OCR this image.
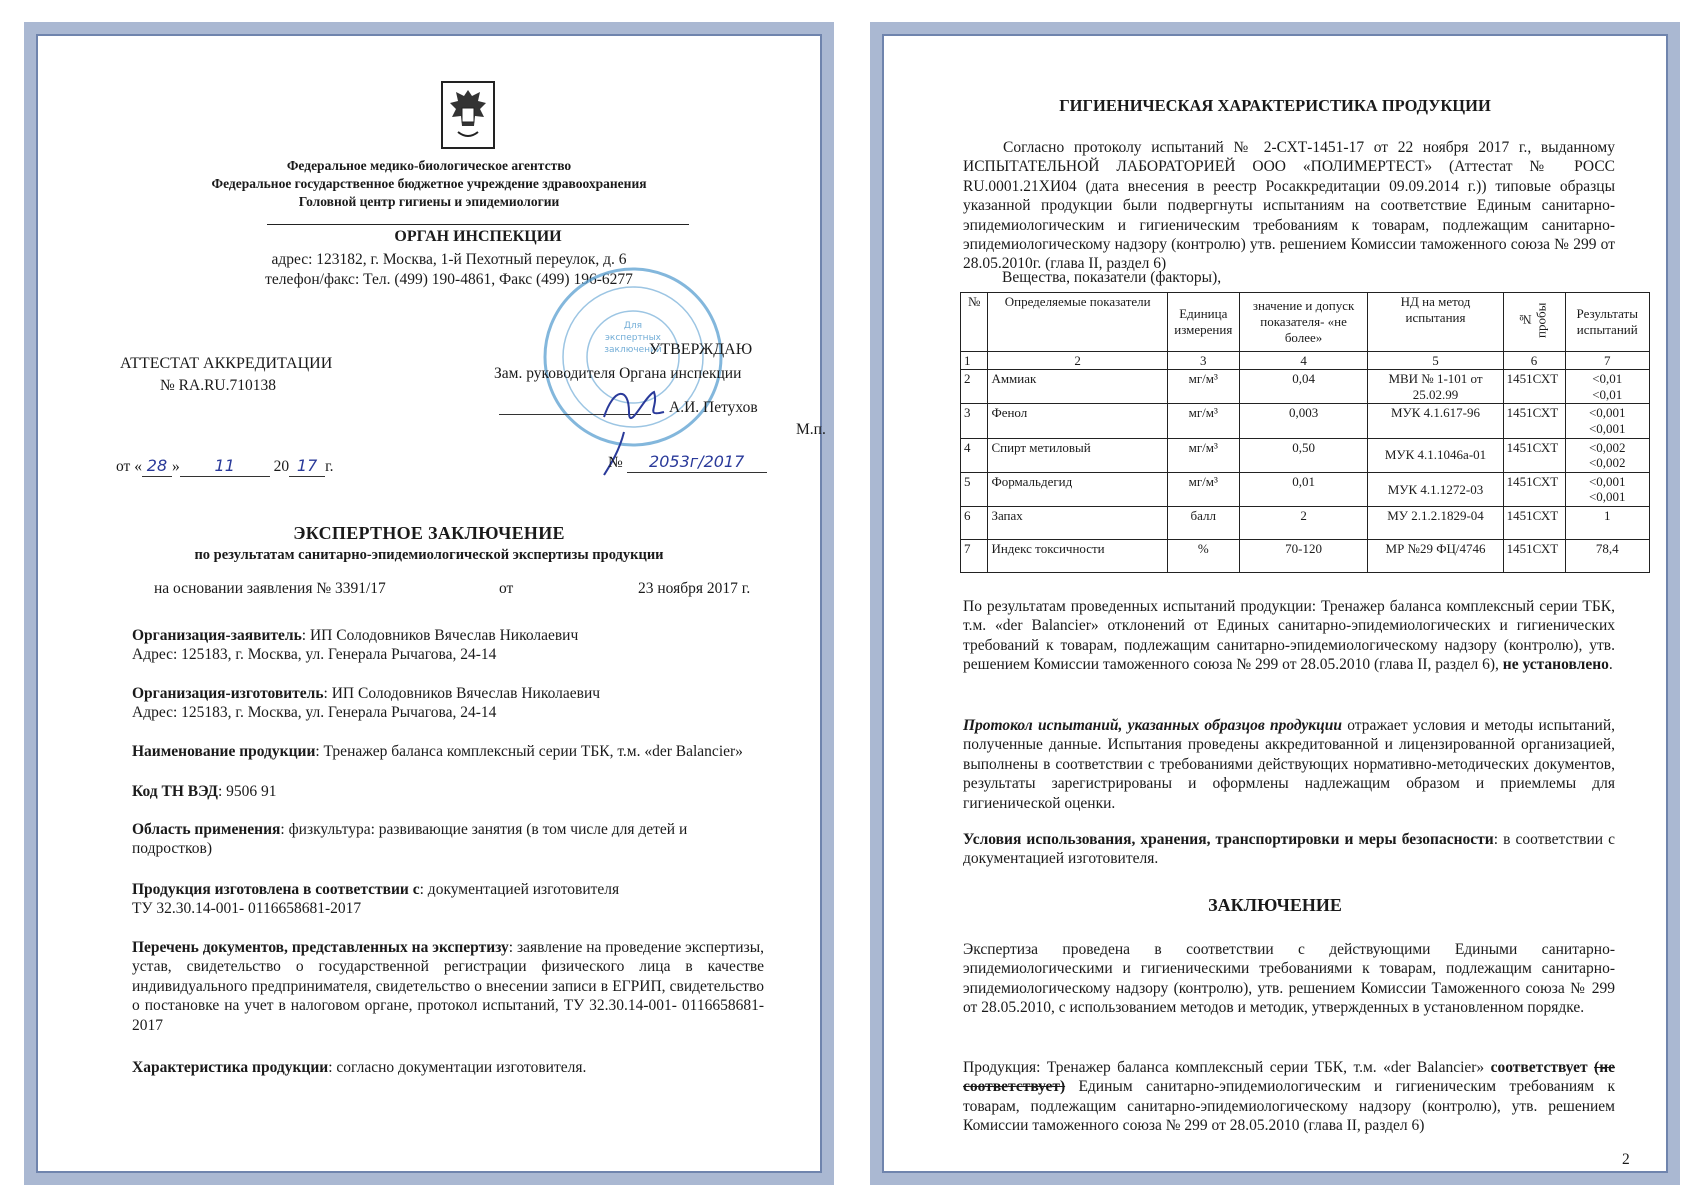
Федеральное медико-биологическое агентство
Федеральное государственное бюджетное учреждение здравоохранения
Головной центр гигиены и эпидемиологии
ОРГАН ИНСПЕКЦИИ
адрес: 123182, г. Москва, 1-й Пехотный переулок, д. 6
телефон/факс: Тел. (499) 190-4861, Факс (499) 196-6277
Для экспертных заключений
АТТЕСТАТ АККРЕДИТАЦИИ
№ RA.RU.710138
УТВЕРЖДАЮ
Зам. руководителя Органа инспекции
А.И. Петухов
М.п.
от « 28 » 11 20 17 г.	№ 2053г/2017
ЭКСПЕРТНОЕ ЗАКЛЮЧЕНИЕ
по результатам санитарно-эпидемиологической экспертизы продукции
на основании заявления № 3391/17	от	23 ноября 2017 г.
Организация-заявитель: ИП Солодовников Вячеслав Николаевич
Адрес: 125183, г. Москва, ул. Генерала Рычагова, 24-14
Организация-изготовитель: ИП Солодовников Вячеслав Николаевич
Адрес: 125183, г. Москва, ул. Генерала Рычагова, 24-14
Наименование продукции: Тренажер баланса комплексный серии ТБК, т.м. «der Balancier»
Код ТН ВЭД: 9506 91
Область применения: физкультура: развивающие занятия (в том числе для детей и подростков)
Продукция изготовлена в соответствии с: документацией изготовителя
ТУ 32.30.14-001- 0116658681-2017
Перечень документов, представленных на экспертизу: заявление на проведение экспертизы, устав, свидетельство о государственной регистрации физического лица в качестве индивидуального предпринимателя, свидетельство о внесении записи в ЕГРИП, свидетельство о постановке на учет в налоговом органе, протокол испытаний, ТУ 32.30.14-001- 0116658681-2017
Характеристика продукции: согласно документации изготовителя.
ГИГИЕНИЧЕСКАЯ ХАРАКТЕРИСТИКА ПРОДУКЦИИ
Согласно протоколу испытаний № 2-СХТ-1451-17 от 22 ноября 2017 г., выданному ИСПЫТАТЕЛЬНОЙ ЛАБОРАТОРИЕЙ ООО «ПОЛИМЕРТЕСТ» (Аттестат № РОСС RU.0001.21ХИ04 (дата внесения в реестр Росаккредитации 09.09.2014 г.)) типовые образцы указанной продукции были подвергнуты испытаниям на соответствие Единым санитарно-эпидемиологическим и гигиеническим требованиям к товарам, подлежащим санитарно-эпидемиологическому надзору (контролю) утв. решением Комиссии таможенного союза № 299 от 28.05.2010г. (глава II, раздел 6)
Вещества, показатели (факторы),
№	Определяемые показатели	Единица измерения	значение и допуск показателя- «не более»	НД на метод испытания	№ пробы	Результаты испытаний
1	2	3	4	5	6	7
2	Аммиак	мг/м³	0,04	МВИ № 1-101 от 25.02.99	1451СХТ	<0,01
<0,01

3	Фенол	мг/м³	0,003	МУК 4.1.617-96	1451СХТ	<0,001
<0,001

4	Спирт метиловый	мг/м³	0,50	МУК 4.1.1046а-01	1451СХТ	<0,002
<0,002

5	Формальдегид	мг/м³	0,01	МУК 4.1.1272-03	1451СХТ	<0,001
<0,001

6	Запах	балл	2	МУ 2.1.2.1829-04	1451СХТ	1

7	Индекс токсичности	%	70-120	МР №29 ФЦ/4746	1451СХТ	78,4
По результатам проведенных испытаний продукции: Тренажер баланса комплексный серии ТБК, т.м. «der Balancier» отклонений от Единых санитарно-эпидемиологических и гигиенических требований к товарам, подлежащим санитарно-эпидемиологическому надзору (контролю), утв. решением Комиссии таможенного союза № 299 от 28.05.2010 (глава II, раздел 6), не установлено.
Протокол испытаний, указанных образцов продукции отражает условия и методы испытаний, полученные данные. Испытания проведены аккредитованной и лицензированной организацией, выполнены в соответствии с требованиями действующих нормативно-методических документов, результаты зарегистрированы и оформлены надлежащим образом и приемлемы для гигиенической оценки.
Условия использования, хранения, транспортировки и меры безопасности: в соответствии с документацией изготовителя.
ЗАКЛЮЧЕНИЕ
Экспертиза проведена в соответствии с действующими Едиными санитарно-эпидемиологическими и гигиеническими требованиями к товарам, подлежащим санитарно-эпидемиологическому надзору (контролю), утв. решением Комиссии Таможенного союза № 299 от 28.05.2010, с использованием методов и методик, утвержденных в установленном порядке.
Продукция: Тренажер баланса комплексный серии ТБК, т.м. «der Balancier» соответствует (не соответствует) Единым санитарно-эпидемиологическим и гигиеническим требованиям к товарам, подлежащим санитарно-эпидемиологическому надзору (контролю), утв. решением Комиссии таможенного союза № 299 от 28.05.2010 (глава II, раздел 6)
2
